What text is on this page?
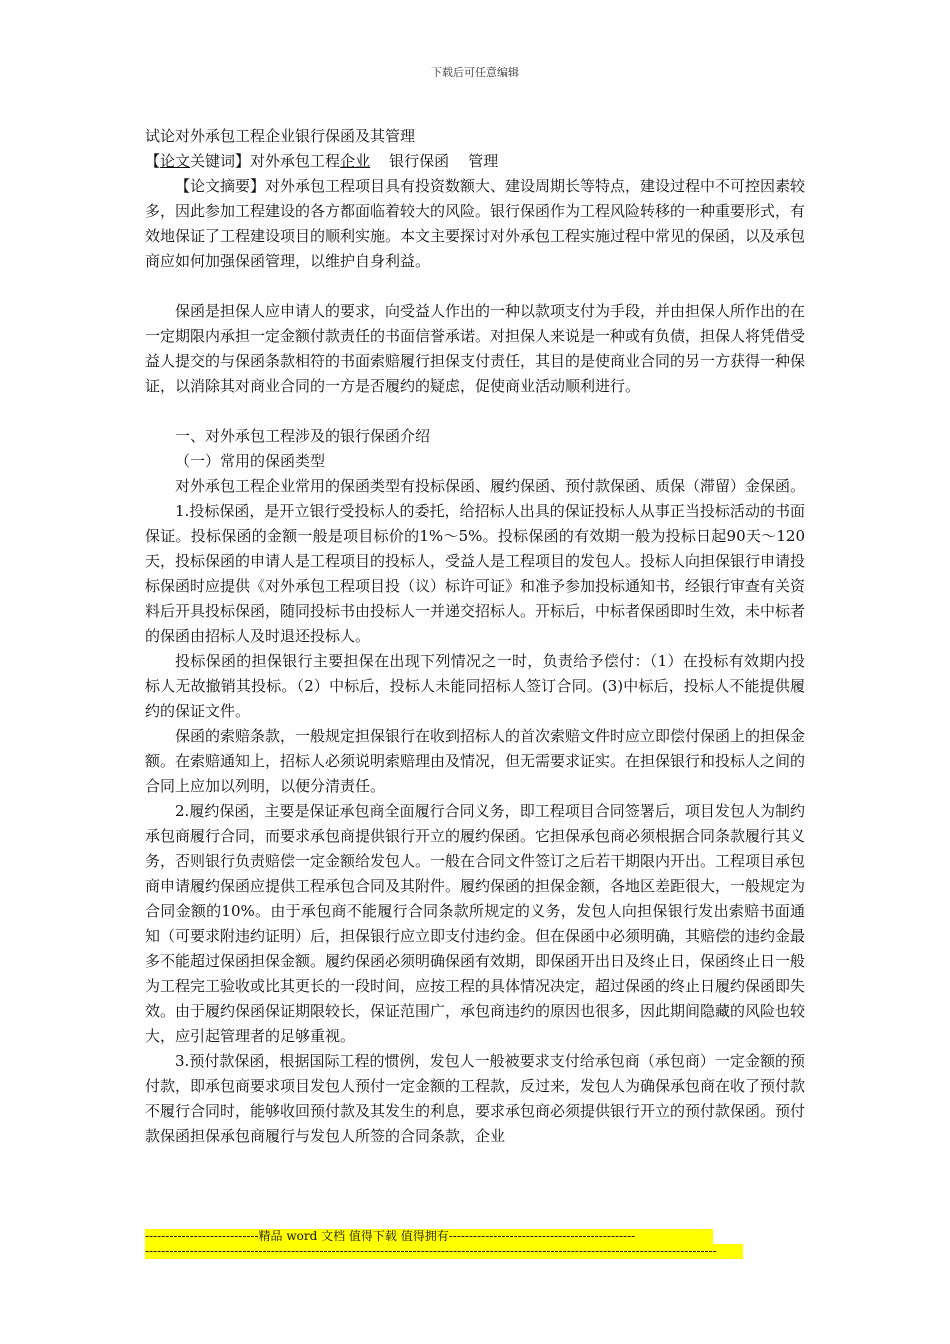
下载后可任意编辑

试论对外承包工程企业银行保函及其管理

【论文关键词】对外承包工程企业 银行保函 管理

【论文摘要】对外承包工程项目具有投资数额大、建设周期长等特点，建设过程中不可控因素较多，因此参加工程建设的各方都面临着较大的风险。银行保函作为工程风险转移的一种重要形式，有效地保证了工程建设项目的顺利实施。本文主要探讨对外承包工程实施过程中常见的保函，以及承包商应如何加强保函管理，以维护自身利益。

保函是担保人应申请人的要求，向受益人作出的一种以款项支付为手段，并由担保人所作出的在一定期限内承担一定金额付款责任的书面信誉承诺。对担保人来说是一种或有负债，担保人将凭借受益人提交的与保函条款相符的书面索赔履行担保支付责任，其目的是使商业合同的另一方获得一种保证，以消除其对商业合同的一方是否履约的疑虑，促使商业活动顺利进行。

一、对外承包工程涉及的银行保函介绍

（一）常用的保函类型

对外承包工程企业常用的保函类型有投标保函、履约保函、预付款保函、质保（滞留）金保函。

1.投标保函，是开立银行受投标人的委托，给招标人出具的保证投标人从事正当投标活动的书面保证。投标保函的金额一般是项目标价的1%～5%。投标保函的有效期一般为投标日起90天～120天，投标保函的申请人是工程项目的投标人，受益人是工程项目的发包人。投标人向担保银行申请投标保函时应提供《对外承包工程项目投（议）标许可证》和准予参加投标通知书，经银行审查有关资料后开具投标保函，随同投标书由投标人一并递交招标人。开标后，中标者保函即时生效，未中标者的保函由招标人及时退还投标人。

投标保函的担保银行主要担保在出现下列情况之一时，负责给予偿付：（1）在投标有效期内投标人无故撤销其投标。（2）中标后，投标人未能同招标人签订合同。(3)中标后，投标人不能提供履约的保证文件。

保函的索赔条款，一般规定担保银行在收到招标人的首次索赔文件时应立即偿付保函上的担保金额。在索赔通知上，招标人必须说明索赔理由及情况，但无需要求证实。在担保银行和投标人之间的合同上应加以列明，以便分清责任。

2.履约保函，主要是保证承包商全面履行合同义务，即工程项目合同签署后，项目发包人为制约承包商履行合同，而要求承包商提供银行开立的履约保函。它担保承包商必须根据合同条款履行其义务，否则银行负责赔偿一定金额给发包人。一般在合同文件签订之后若干期限内开出。工程项目承包商申请履约保函应提供工程承包合同及其附件。履约保函的担保金额，各地区差距很大，一般规定为合同金额的10%。由于承包商不能履行合同条款所规定的义务，发包人向担保银行发出索赔书面通知（可要求附违约证明）后，担保银行应立即支付违约金。但在保函中必须明确，其赔偿的违约金最多不能超过保函担保金额。履约保函必须明确保函有效期，即保函开出日及终止日，保函终止日一般为工程完工验收或比其更长的一段时间，应按工程的具体情况决定，超过保函的终止日履约保函即失效。由于履约保函保证期限较长，保证范围广，承包商违约的原因也很多，因此期间隐藏的风险也较大，应引起管理者的足够重视。

3.预付款保函，根据国际工程的惯例，发包人一般被要求支付给承包商（承包商）一定金额的预付款，即承包商要求项目发包人预付一定金额的工程款，反过来，发包人为确保承包商在收了预付款不履行合同时，能够收回预付款及其发生的利息，要求承包商必须提供银行开立的预付款保函。预付款保函担保承包商履行与发包人所签的合同条款，企业

----------------------------精品 word 文档 值得下载 值得拥有----------------------------------------------
---------------------------------------------------------------------------------------------------------------------------------------------
